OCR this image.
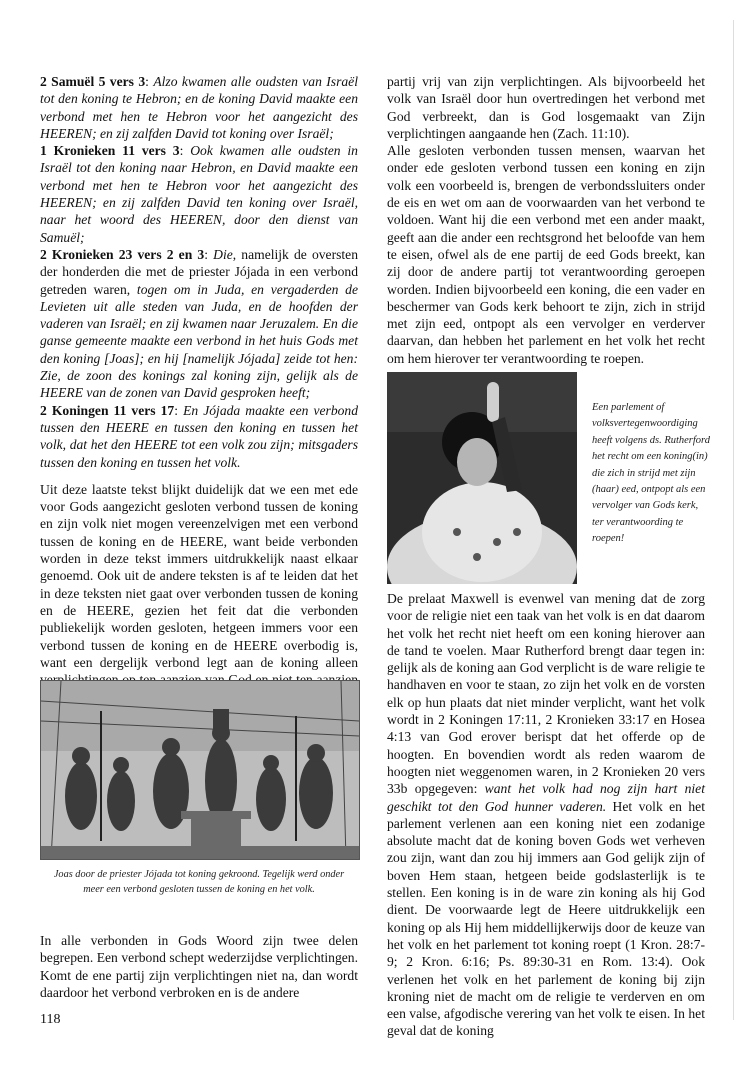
2 Samuël 5 vers 3: Alzo kwamen alle oudsten van Israël tot den koning te Hebron; en de koning David maakte een verbond met hen te Hebron voor het aangezicht des HEEREN; en zij zalfden David tot koning over Israël;
1 Kronieken 11 vers 3: Ook kwamen alle oudsten in Israël tot den koning naar Hebron, en David maakte een verbond met hen te Hebron voor het aangezicht des HEEREN; en zij zalfden David ten koning over Israël, naar het woord des HEEREN, door den dienst van Samuël;
2 Kronieken 23 vers 2 en 3: Die, namelijk de oversten der honderden die met de priester Jójada in een verbond getreden waren, togen om in Juda, en vergaderden de Levieten uit alle steden van Juda, en de hoofden der vaderen van Israël; en zij kwamen naar Jeruzalem. En die ganse gemeente maakte een verbond in het huis Gods met den koning [Joas]; en hij [namelijk Jójada] zeide tot hen: Zie, de zoon des konings zal koning zijn, gelijk als de HEERE van de zonen van David gesproken heeft;
2 Koningen 11 vers 17: En Jójada maakte een verbond tussen den HEERE en tussen den koning en tussen het volk, dat het den HEERE tot een volk zou zijn; mitsgaders tussen den koning en tussen het volk.

Uit deze laatste tekst blijkt duidelijk dat we een met ede voor Gods aangezicht gesloten verbond tussen de koning en zijn volk niet mogen vereenzelvigen met een verbond tussen de koning en de HEERE, want beide verbonden worden in deze tekst immers uitdrukkelijk naast elkaar genoemd. Ook uit de andere teksten is af te leiden dat het in deze teksten niet gaat over verbonden tussen de koning en de HEERE, gezien het feit dat die verbonden publiekelijk worden gesloten, hetgeen immers voor een verbond tussen de koning en de HEERE overbodig is, want een dergelijk verbond legt aan de koning alleen

Joas door de priester Jójada tot koning gekroond. Tegelijk werd onder meer een verbond gesloten tussen de koning en het volk.

In alle verbonden in Gods Woord zijn twee delen begrepen. Een verbond schept wederzijdse verplichtingen. Komt de ene partij zijn verplichtingen niet na, dan wordt daardoor het verbond verbroken en is de andere

partij vrij van zijn verplichtingen. Als bijvoorbeeld het volk van Israël door hun overtredingen het verbond met God verbreekt, dan is God losgemaakt van Zijn verplichtingen aangaande hen (Zach. 11:10).

Alle gesloten verbonden tussen mensen, waarvan het onder ede gesloten verbond tussen een koning en zijn volk een voorbeeld is, brengen de verbondssluiters onder de eis en wet om aan de voorwaarden van het verbond te voldoen. Want hij die een verbond met een ander maakt, geeft aan die ander een rechtsgrond het beloofde van hem te eisen, ofwel als de ene partij de eed Gods breekt, kan zij door de andere partij tot verantwoording geroepen worden. Indien bijvoorbeeld een koning, die een vader en beschermer van Gods kerk behoort te zijn, zich in strijd met zijn eed, ontpopt als een vervolger en verderver daarvan, dan hebben het parlement en het volk het recht om hem hierover ter verantwoording te roepen.

Een parlement of volksvertegenwoordiging heeft volgens ds. Rutherford het recht om een koning(in) die zich in strijd met zijn (haar) eed, ontpopt als een vervolger van Gods kerk, ter verantwoording te roepen!

De prelaat Maxwell is evenwel van mening dat de zorg voor de religie niet een taak van het volk is en dat daarom het volk het recht niet heeft om een koning hierover aan de tand te voelen. Maar Rutherford brengt daar tegen in: gelijk als de koning aan God verplicht is de ware religie te handhaven en voor te staan, zo zijn het volk en de vorsten elk op hun plaats dat niet minder verplicht, want het volk wordt in 2 Koningen 17:11, 2 Kronieken 33:17 en Hosea 4:13 van God erover berispt dat het offerde op de hoogten. En bovendien wordt als reden waarom de hoogten niet weggenomen waren, in 2 Kronieken 20 vers 33b opgegeven: want het volk had nog zijn hart niet geschikt tot den God hunner vaderen. Het volk en het parlement verlenen aan een koning niet een zodanige absolute macht dat de koning boven Gods wet verheven zou zijn, want dan zou hij immers aan God gelijk zijn of boven Hem staan, hetgeen beide godslasterlijk is te stellen. Een koning is in de ware zin koning als hij God dient. De voorwaarde legt de Heere uitdrukkelijk een koning op als Hij hem middellijkerwijs door de keuze van het volk en het parlement tot koning roept (1 Kron. 28:7-9; 2 Kron. 6:16; Ps. 89:30-31 en Rom. 13:4). Ook verlenen het volk en het parlement de koning bij zijn kroning niet de macht om de religie te verderven en om een valse, afgodische verering van het volk te eisen. In het geval dat de koning

118
